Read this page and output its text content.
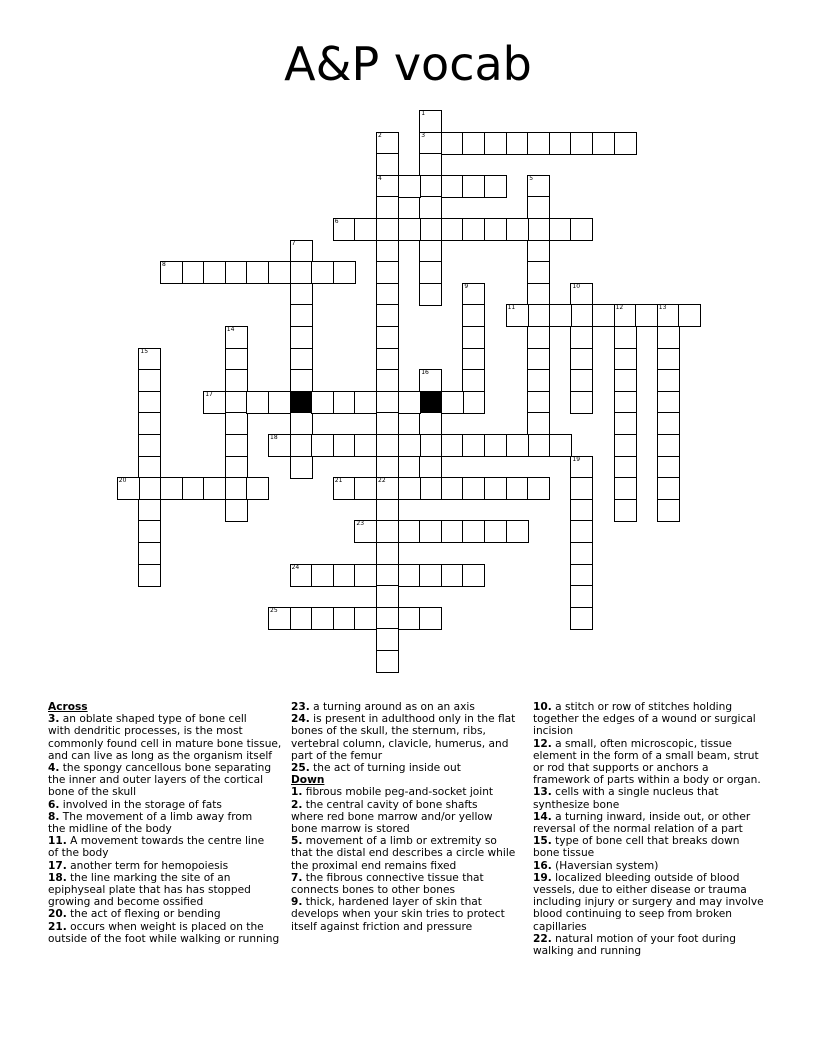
A&P vocab
1
3
2
4
22
5
6
7
8
9	10
11	12	13
14
15
16
17
18
19
20	21
23
24
25
Across
3. an oblate shaped type of bone cell
with dendritic processes, is the most
commonly found cell in mature bone tissue,
and can live as long as the organism itself
4. the spongy cancellous bone separating
the inner and outer layers of the cortical
bone of the skull
6. involved in the storage of fats
8. The movement of a limb away from
the midline of the body
11. A movement towards the centre line
of the body
17. another term for hemopoiesis
18. the line marking the site of an
epiphyseal plate that has has stopped
growing and become ossified
20. the act of flexing or bending
21. occurs when weight is placed on the
outside of the foot while walking or running
23. a turning around as on an axis
24. is present in adulthood only in the flat
bones of the skull, the sternum, ribs,
vertebral column, clavicle, humerus, and
part of the femur
25. the act of turning inside out
Down
1. fibrous mobile peg-and-socket joint
2. the central cavity of bone shafts
where red bone marrow and/or yellow
bone marrow is stored
5. movement of a limb or extremity so
that the distal end describes a circle while
the proximal end remains fixed
7. the fibrous connective tissue that
connects bones to other bones
9. thick, hardened layer of skin that
develops when your skin tries to protect
itself against friction and pressure
10. a stitch or row of stitches holding
together the edges of a wound or surgical
incision
12. a small, often microscopic, tissue
element in the form of a small beam, strut
or rod that supports or anchors a
framework of parts within a body or organ.
13. cells with a single nucleus that
synthesize bone
14. a turning inward, inside out, or other
reversal of the normal relation of a part
15. type of bone cell that breaks down
bone tissue
16. (Haversian system)
19. localized bleeding outside of blood
vessels, due to either disease or trauma
including injury or surgery and may involve
blood continuing to seep from broken
capillaries
22. natural motion of your foot during
walking and running
